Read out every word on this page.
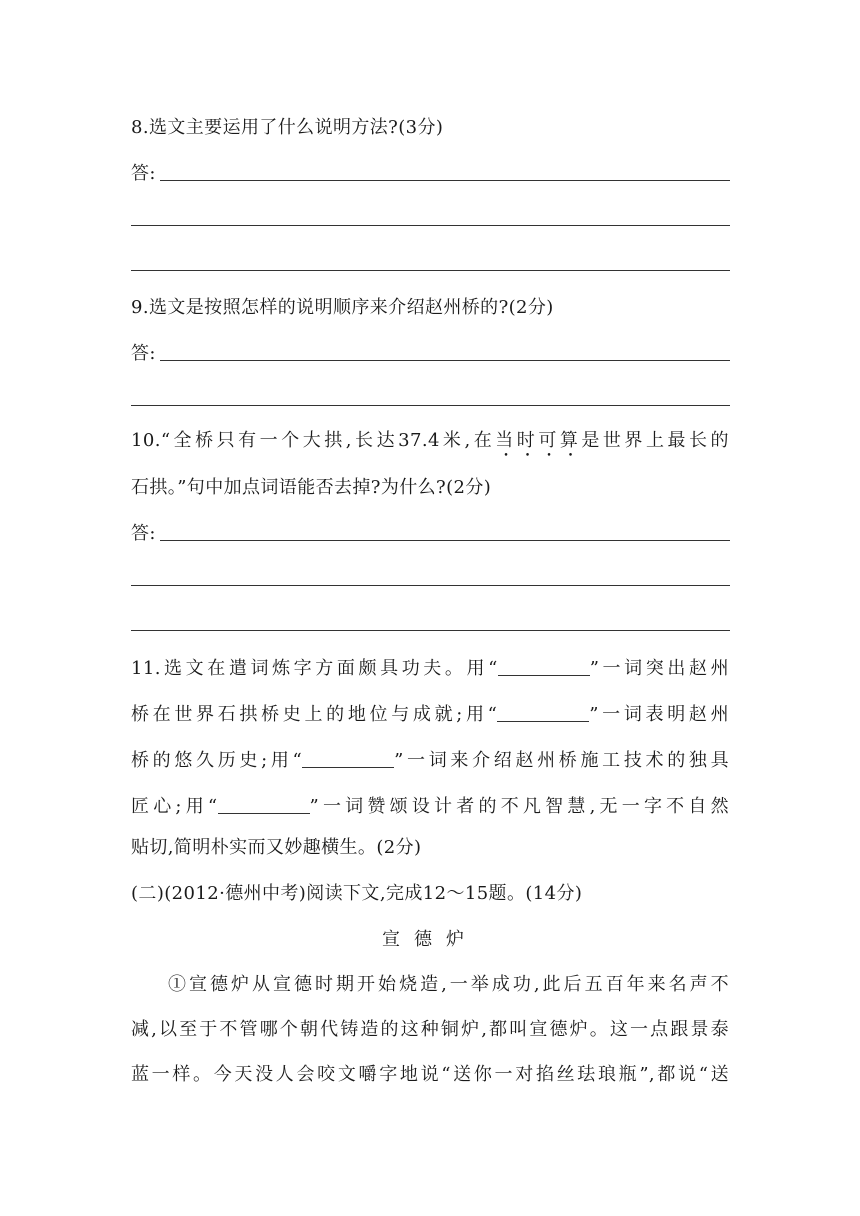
8.选文主要运用了什么说明方法?(3分)
答:
9.选文是按照怎样的说明顺序来介绍赵州桥的?(2分)
答:
10.“全桥只有一个大拱,长达37.4米,在当时可算是世界上最长的
石拱。”句中加点词语能否去掉?为什么?(2分)
答:
11.选文在遣词炼字方面颇具功夫。用“	”一词突出赵州
桥在世界石拱桥史上的地位与成就;用“	”一词表明赵州
桥的悠久历史;用“	”一词来介绍赵州桥施工技术的独具
匠心;用“	”一词赞颂设计者的不凡智慧,无一字不自然
贴切,简明朴实而又妙趣横生。(2分)
(二)(2012·德州中考)阅读下文,完成12～15题。(14分)
宣德炉
①宣德炉从宣德时期开始烧造,一举成功,此后五百年来名声不
减,以至于不管哪个朝代铸造的这种铜炉,都叫宣德炉。这一点跟景泰
蓝一样。今天没人会咬文嚼字地说“送你一对掐丝珐琅瓶”,都说“送
